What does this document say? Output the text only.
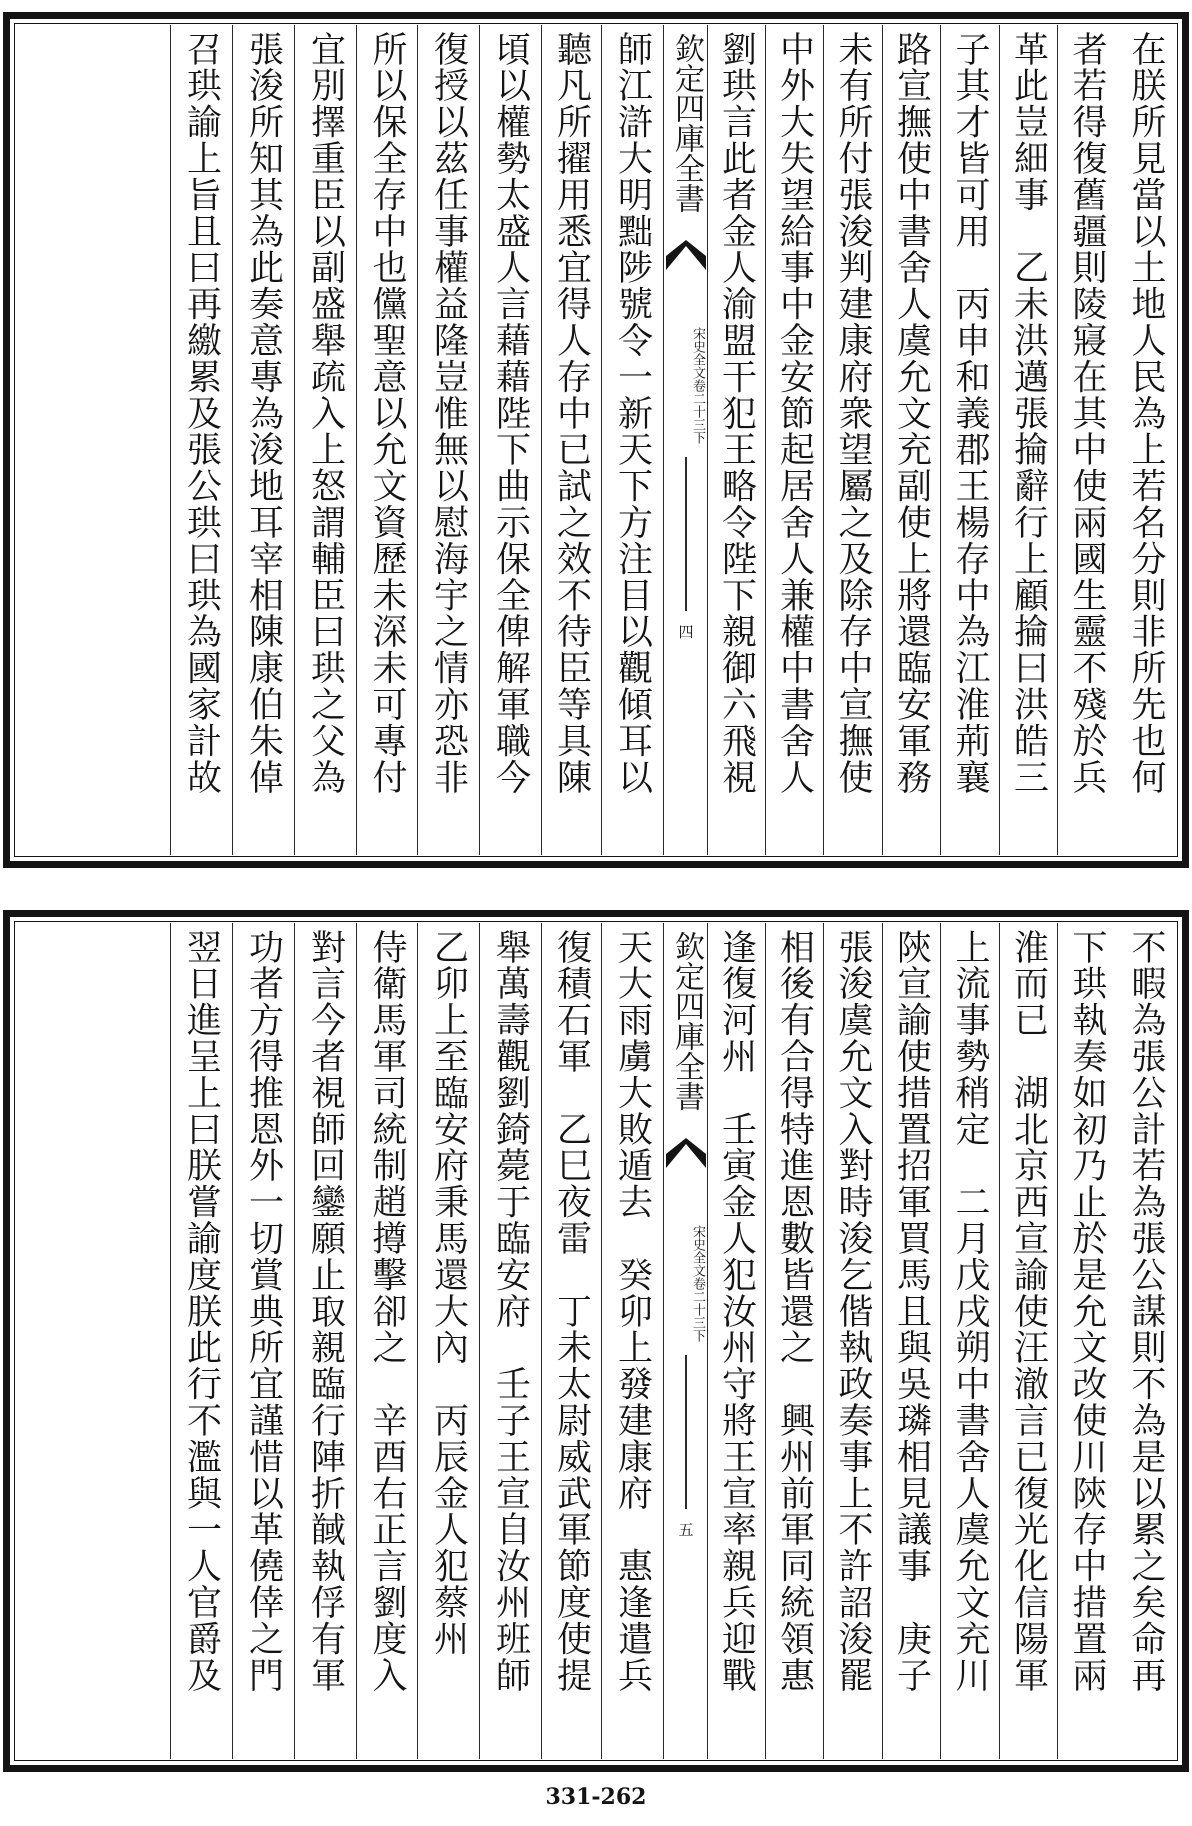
在朕所見當以土地人民為上若名分則非所先也何
者若得復舊疆則陵寢在其中使兩國生靈不殘於兵
革此豈細事　乙未洪邁張掄辭行上顧掄曰洪皓三
子其才皆可用　丙申和義郡王楊存中為江淮荊襄
路宣撫使中書舍人虞允文充副使上將還臨安軍務
未有所付張浚判建康府衆望屬之及除存中宣撫使
中外大失望給事中金安節起居舍人兼權中書舍人
劉珙言此者金人渝盟干犯王略令陛下親御六飛視
欽定四庫全書
宋史全文卷二十三下
四
師江滸大明黜陟號令一新天下方注目以觀傾耳以
聽凡所擢用悉宜得人存中已試之效不待臣等具陳
頃以權勢太盛人言藉藉陛下曲示保全俾解軍職今
復授以茲任事權益隆豈惟無以慰海宇之情亦恐非
所以保全存中也儻聖意以允文資歷未深未可專付
宜別擇重臣以副盛舉疏入上怒謂輔臣曰珙之父為
張浚所知其為此奏意專為浚地耳宰相陳康伯朱倬
召珙諭上旨且曰再繳累及張公珙曰珙為國家計故
不暇為張公計若為張公謀則不為是以累之矣命再
下珙執奏如初乃止於是允文改使川陝存中措置兩
淮而已　湖北京西宣諭使汪澈言已復光化信陽軍
上流事勢稍定　二月戊戌朔中書舍人虞允文充川
陝宣諭使措置招軍買馬且與吳璘相見議事　庚子
張浚虞允文入對時浚乞偕執政奏事上不許詔浚罷
相後有合得特進恩數皆還之　興州前軍同統領惠
逢復河州　壬寅金人犯汝州守將王宣率親兵迎戰
欽定四庫全書
宋史全文卷二十三下
五
天大雨虜大敗遁去　癸卯上發建康府　惠逢遣兵
復積石軍　乙巳夜雷　丁未太尉威武軍節度使提
舉萬壽觀劉錡薨于臨安府　壬子王宣自汝州班師
乙卯上至臨安府秉馬還大內　丙辰金人犯蔡州
侍衛馬軍司統制趙撙擊卻之　辛酉右正言劉度入
對言今者視師回鑾願止取親臨行陣折馘執俘有軍
功者方得推恩外一切賞典所宜謹惜以革僥倖之門
翌日進呈上曰朕嘗諭度朕此行不濫與一人官爵及
331-262
